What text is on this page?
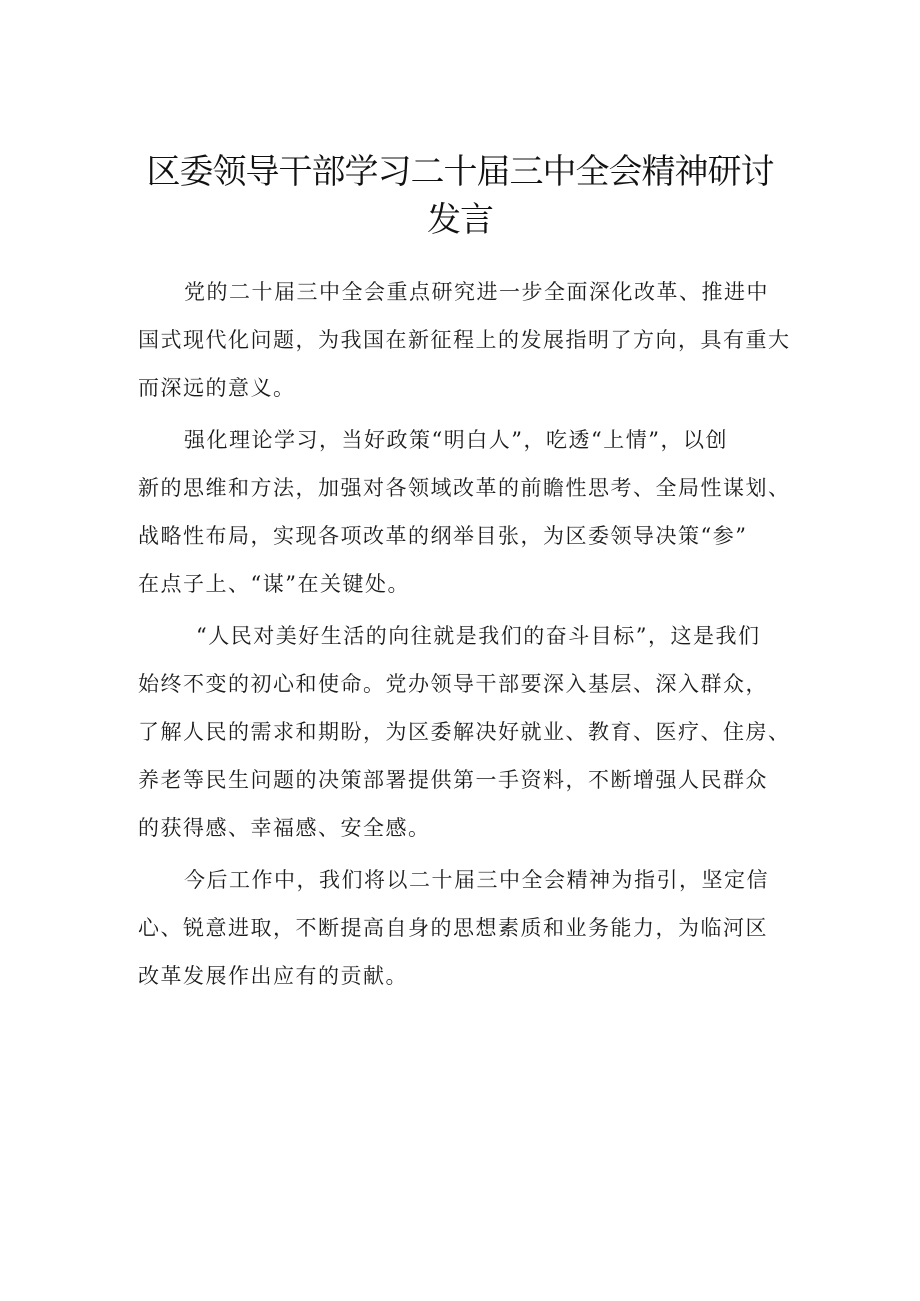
区委领导干部学习二十届三中全会精神研讨
发言
党的二十届三中全会重点研究进一步全面深化改革、推进中
国式现代化问题，为我国在新征程上的发展指明了方向，具有重大
而深远的意义。
强化理论学习，当好政策“明白人”，吃透“上情”，以创
新的思维和方法，加强对各领域改革的前瞻性思考、全局性谋划、
战略性布局，实现各项改革的纲举目张，为区委领导决策“参”
在点子上、“谋”在关键处。
“人民对美好生活的向往就是我们的奋斗目标”，这是我们
始终不变的初心和使命。党办领导干部要深入基层、深入群众，
了解人民的需求和期盼，为区委解决好就业、教育、医疗、住房、
养老等民生问题的决策部署提供第一手资料，不断增强人民群众
的获得感、幸福感、安全感。
今后工作中，我们将以二十届三中全会精神为指引，坚定信
心、锐意进取，不断提高自身的思想素质和业务能力，为临河区
改革发展作出应有的贡献。
